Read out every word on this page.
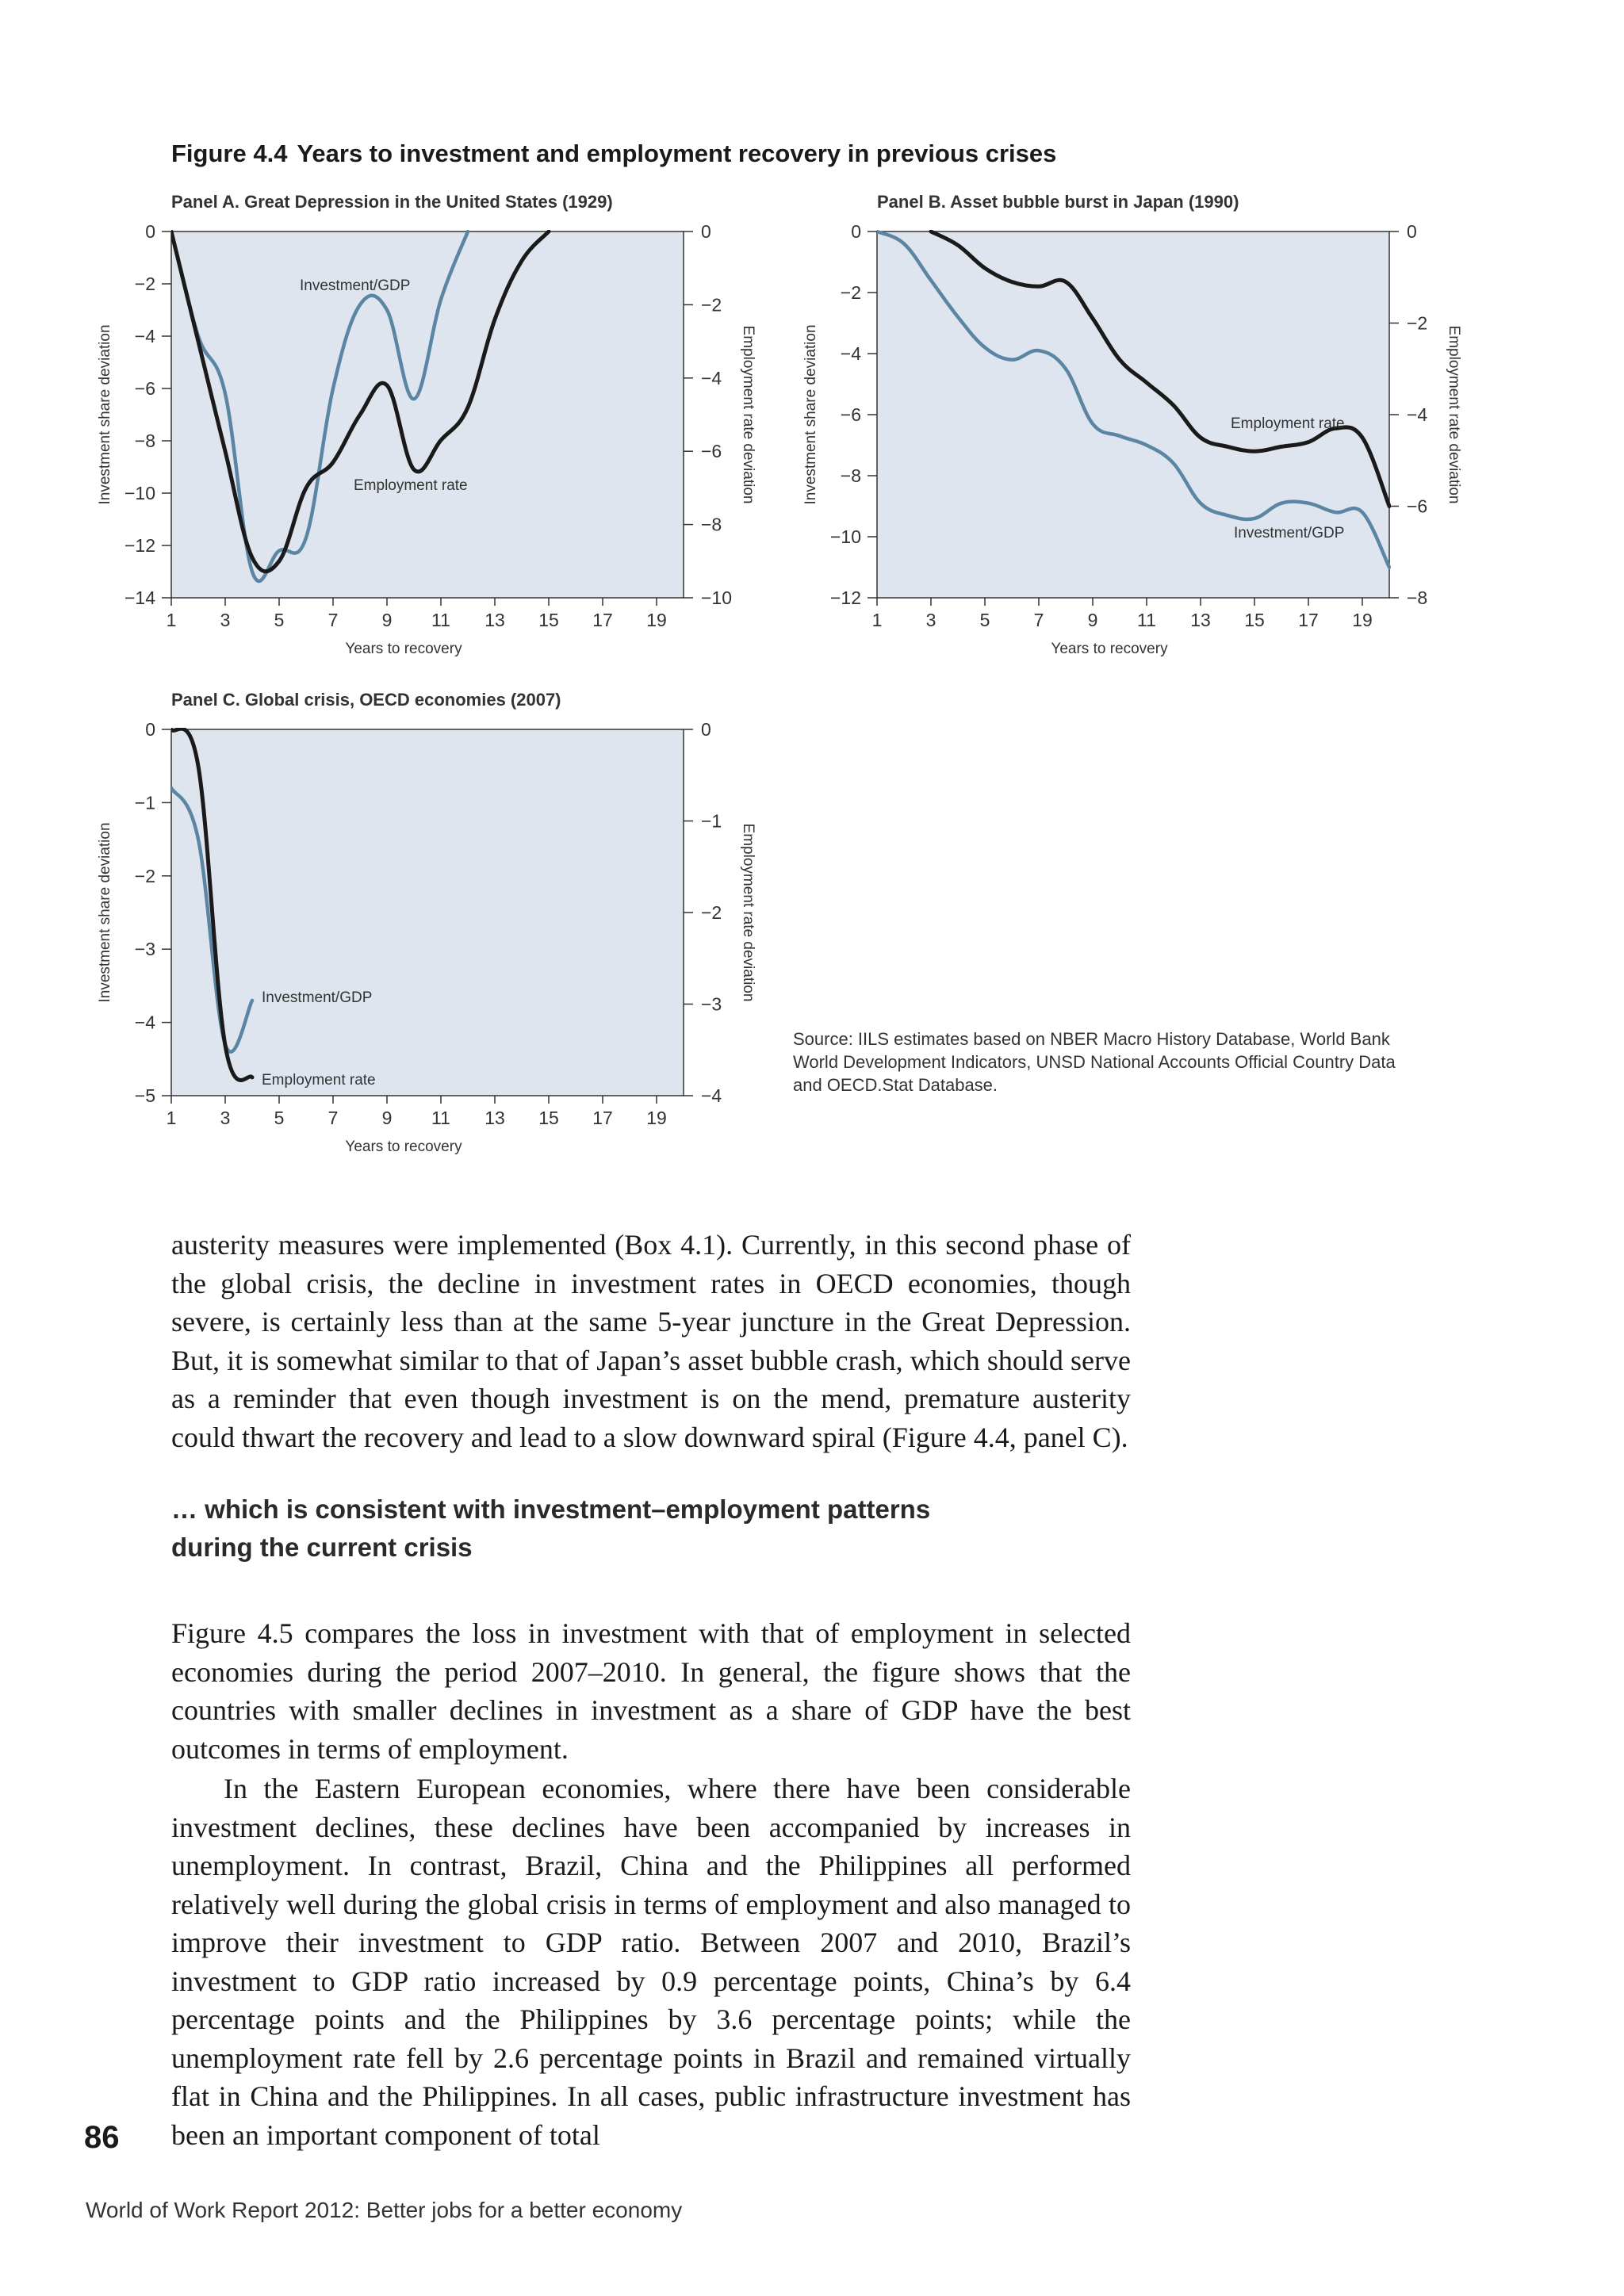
Figure 4.4 Years to investment and employment recovery in previous crises
Panel A. Great Depression in the United States (1929)
0
−2
−4
−6
−8
−10
−12
−14
0
−2
−4
−6
−8
−10
1 3 5 7 9 11 13 15 17 19
Years to recovery
Investment share deviation	Employment rate deviation
Investment/GDP
Employment rate
Panel B. Asset bubble burst in Japan (1990)
0
−2
−4
−6
−8
−10
−12
0
−2
−4
−6
−8
1 3 5 7 9 11 13 15 17 19
Years to recovery
Investment share deviation	Employment rate deviation
Employment rate
Investment/GDP
Panel C. Global crisis, OECD economies (2007)
0
−1
−2
−3
−4
−5
0
−1
−2
−3
−4
1 3 5 7 9 11 13 15 17 19
Years to recovery
Investment share deviation	Employment rate deviation
Investment/GDP
Employment rate
Source: IILS estimates based on NBER Macro History Database, World Bank World Development Indicators, UNSD National Accounts Official Country Data and OECD.Stat Database.

austerity measures were implemented (Box 4.1). Currently, in this second phase of the global crisis, the decline in investment rates in OECD economies, though severe, is certainly less than at the same 5-year juncture in the Great Depression. But, it is somewhat similar to that of Japan’s asset bubble crash, which should serve as a reminder that even though investment is on the mend, premature austerity could thwart the recovery and lead to a slow downward spiral (Figure 4.4, panel C).

… which is consistent with investment–employment patterns
during the current crisis

Figure 4.5 compares the loss in investment with that of employment in selected economies during the period 2007–2010. In general, the figure shows that the countries with smaller declines in investment as a share of GDP have the best outcomes in terms of employment.

In the Eastern European economies, where there have been considerable investment declines, these declines have been accompanied by increases in unemployment. In contrast, Brazil, China and the Philippines all performed relatively well during the global crisis in terms of employment and also managed to improve their investment to GDP ratio. Between 2007 and 2010, Brazil’s investment to GDP ratio increased by 0.9 percentage points, China’s by 6.4 percentage points and the Philippines by 3.6 percentage points; while the unemployment rate fell by 2.6 percentage points in Brazil and remained virtually flat in China and the Philippines. In all cases, public infrastructure investment has been an important component of total

86
World of Work Report 2012: Better jobs for a better economy
